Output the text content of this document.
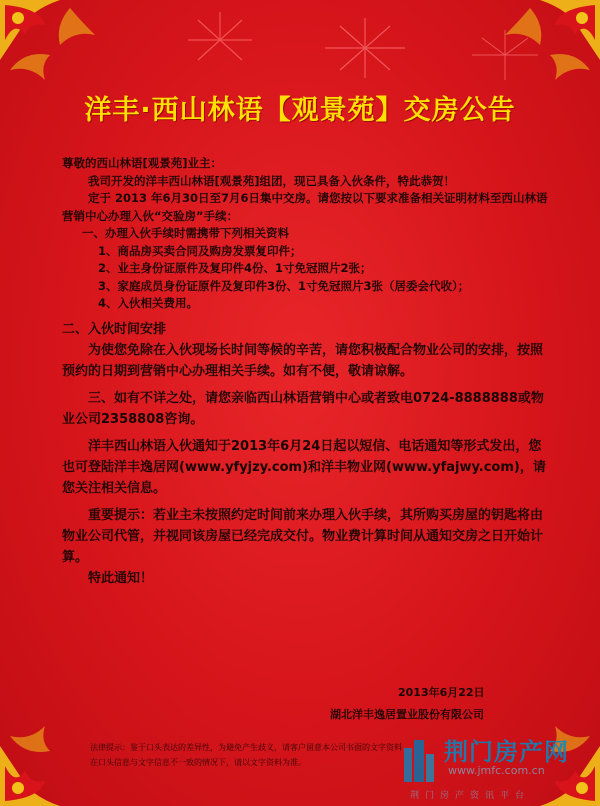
洋丰·西山林语【观景苑】交房公告

尊敬的西山林语[观景苑]业主：

我司开发的洋丰西山林语[观景苑]组团，现已具备入伙条件，特此恭贺！

定于 2013 年6月30日至7月6日集中交房。请您按以下要求准备相关证明材料至西山林语营销中心办理入伙“交验房”手续：

一、办理入伙手续时需携带下列相关资料

1、商品房买卖合同及购房发票复印件；

2、业主身份证原件及复印件4份、1寸免冠照片2张；

3、家庭成员身份证原件及复印件3份、1寸免冠照片3张（居委会代收）；

4、入伙相关费用。

二、入伙时间安排

为使您免除在入伙现场长时间等候的辛苦，请您积极配合物业公司的安排，按照预约的日期到营销中心办理相关手续。如有不便，敬请谅解。

三、如有不详之处，请您亲临西山林语营销中心或者致电0724-8888888或物业公司2358808咨询。

洋丰西山林语入伙通知于2013年6月24日起以短信、电话通知等形式发出，您也可登陆洋丰逸居网(www.yfyjzy.com)和洋丰物业网(www.yfajwy.com)，请您关注相关信息。

重要提示：若业主未按照约定时间前来办理入伙手续，其所购买房屋的钥匙将由物业公司代管，并视同该房屋已经完成交付。物业费计算时间从通知交房之日开始计算。

特此通知！

2013年6月22日
湖北洋丰逸居置业股份有限公司
法律提示：鉴于口头表达的差异性，为避免产生歧义，请客户留意本公司书面的文字资料
在口头信息与文字信息不一致的情况下，请以文字资料为准。	荆门房产网
www.jmfc.com.cn
荆门房产资讯平台
